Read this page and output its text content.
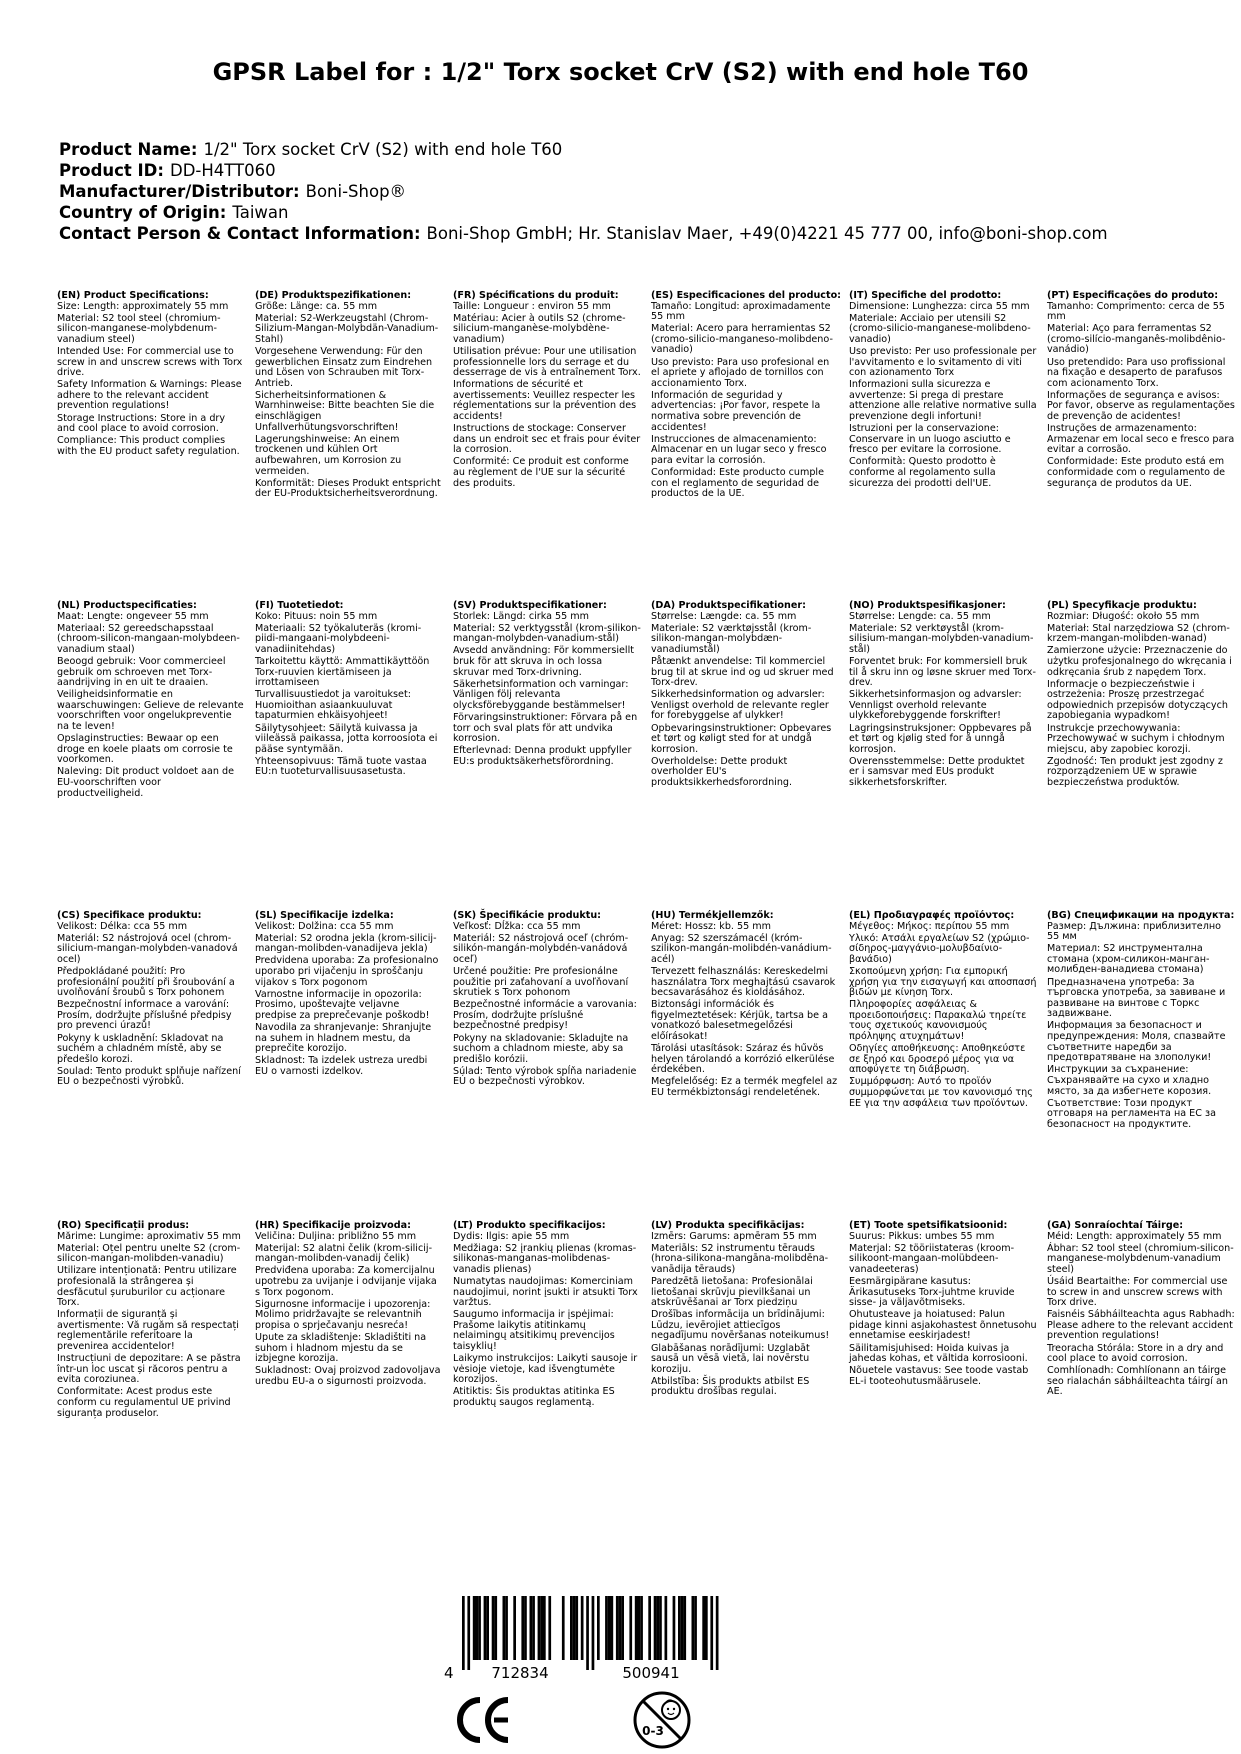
GPSR Label for : 1/2" Torx socket CrV (S2) with end hole T60
Product Name: 1/2" Torx socket CrV (S2) with end hole T60
Product ID: DD-H4TT060
Manufacturer/Distributor: Boni-Shop®
Country of Origin: Taiwan
Contact Person & Contact Information: Boni-Shop GmbH; Hr. Stanislav Maer, +49(0)4221 45 777 00, info@boni-shop.com
(EN) Product Specifications:
Size: Length: approximately 55 mm
Material: S2 tool steel (chromium-silicon-manganese-molybdenum-vanadium steel)
Intended Use: For commercial use to screw in and unscrew screws with Torx drive.
Safety Information & Warnings: Please adhere to the relevant accident prevention regulations!
Storage Instructions: Store in a dry and cool place to avoid corrosion.
Compliance: This product complies with the EU product safety regulation.
(DE) Produktspezifikationen:
Größe: Länge: ca. 55 mm
Material: S2-Werkzeugstahl (Chrom-Silizium-Mangan-Molybdän-Vanadium-Stahl)
Vorgesehene Verwendung: Für den gewerblichen Einsatz zum Eindrehen und Lösen von Schrauben mit Torx-Antrieb.
Sicherheitsinformationen & Warnhinweise: Bitte beachten Sie die einschlägigen Unfallverhütungsvorschriften!
Lagerungshinweise: An einem trockenen und kühlen Ort aufbewahren, um Korrosion zu vermeiden.
Konformität: Dieses Produkt entspricht der EU-Produktsicherheitsverordnung.
(FR) Spécifications du produit:
Taille: Longueur : environ 55 mm
Matériau: Acier à outils S2 (chrome-silicium-manganèse-molybdène-vanadium)
Utilisation prévue: Pour une utilisation professionnelle lors du serrage et du desserrage de vis à entraînement Torx.
Informations de sécurité et avertissements: Veuillez respecter les réglementations sur la prévention des accidents!
Instructions de stockage: Conserver dans un endroit sec et frais pour éviter la corrosion.
Conformité: Ce produit est conforme au règlement de l'UE sur la sécurité des produits.
(ES) Especificaciones del producto:
Tamaño: Longitud: aproximadamente 55 mm
Material: Acero para herramientas S2 (cromo-silicio-manganeso-molibdeno-vanadio)
Uso previsto: Para uso profesional en el apriete y aflojado de tornillos con accionamiento Torx.
Información de seguridad y advertencias: ¡Por favor, respete la normativa sobre prevención de accidentes!
Instrucciones de almacenamiento: Almacenar en un lugar seco y fresco para evitar la corrosión.
Conformidad: Este producto cumple con el reglamento de seguridad de productos de la UE.
(IT) Specifiche del prodotto:
Dimensione: Lunghezza: circa 55 mm
Materiale: Acciaio per utensili S2 (cromo-silicio-manganese-molibdeno-vanadio)
Uso previsto: Per uso professionale per l'avvitamento e lo svitamento di viti con azionamento Torx
Informazioni sulla sicurezza e avvertenze: Si prega di prestare attenzione alle relative normative sulla prevenzione degli infortuni!
Istruzioni per la conservazione: Conservare in un luogo asciutto e fresco per evitare la corrosione.
Conformità: Questo prodotto è conforme al regolamento sulla sicurezza dei prodotti dell'UE.
(PT) Especificações do produto:
Tamanho: Comprimento: cerca de 55 mm
Material: Aço para ferramentas S2 (cromo-silício-manganês-molibdênio-vanádio)
Uso pretendido: Para uso profissional na fixação e desaperto de parafusos com acionamento Torx.
Informações de segurança e avisos: Por favor, observe as regulamentações de prevenção de acidentes!
Instruções de armazenamento: Armazenar em local seco e fresco para evitar a corrosão.
Conformidade: Este produto está em conformidade com o regulamento de segurança de produtos da UE.
(NL) Productspecificaties:
Maat: Lengte: ongeveer 55 mm
Materiaal: S2 gereedschapsstaal (chroom-silicon-mangaan-molybdeen-vanadium staal)
Beoogd gebruik: Voor commercieel gebruik om schroeven met Torx-aandrijving in en uit te draaien.
Veiligheidsinformatie en waarschuwingen: Gelieve de relevante voorschriften voor ongelukpreventie na te leven!
Opslaginstructies: Bewaar op een droge en koele plaats om corrosie te voorkomen.
Naleving: Dit product voldoet aan de EU-voorschriften voor productveiligheid.
(FI) Tuotetiedot:
Koko: Pituus: noin 55 mm
Materiaali: S2 työkaluteräs (kromi-piidi-mangaani-molybdeeni-vanadiinitehdas)
Tarkoitettu käyttö: Ammattikäyttöön Torx-ruuvien kiertämiseen ja irrottamiseen
Turvallisuustiedot ja varoitukset: Huomioithan asiaankuuluvat tapaturmien ehkäisyohjeet!
Säilytysohjeet: Säilytä kuivassa ja viileässä paikassa, jotta korroosiota ei pääse syntymään.
Yhteensopivuus: Tämä tuote vastaa EU:n tuoteturvallisuusasetusta.
(SV) Produktspecifikationer:
Storlek: Längd: cirka 55 mm
Material: S2 verktygsstål (krom-silikon-mangan-molybden-vanadium-stål)
Avsedd användning: För kommersiellt bruk för att skruva in och lossa skruvar med Torx-drivning.
Säkerhetsinformation och varningar: Vänligen följ relevanta olycksförebyggande bestämmelser!
Förvaringsinstruktioner: Förvara på en torr och sval plats för att undvika korrosion.
Efterlevnad: Denna produkt uppfyller EU:s produktsäkerhetsförordning.
(DA) Produktspecifikationer:
Størrelse: Længde: ca. 55 mm
Materiale: S2 værktøjsstål (krom-silikon-mangan-molybdæn-vanadiumstål)
Påtænkt anvendelse: Til kommerciel brug til at skrue ind og ud skruer med Torx-drev.
Sikkerhedsinformation og advarsler: Venligst overhold de relevante regler for forebyggelse af ulykker!
Opbevaringsinstruktioner: Opbevares et tørt og køligt sted for at undgå korrosion.
Overholdelse: Dette produkt overholder EU's produktsikkerhedsforordning.
(NO) Produktspesifikasjoner:
Størrelse: Lengde: ca. 55 mm
Materiale: S2 verktøystål (krom-silisium-mangan-molybden-vanadium-stål)
Forventet bruk: For kommersiell bruk til å skru inn og løsne skruer med Torx-drev.
Sikkerhetsinformasjon og advarsler: Vennligst overhold relevante ulykkeforebyggende forskrifter!
Lagringsinstruksjoner: Oppbevares på et tørt og kjølig sted for å unngå korrosjon.
Overensstemmelse: Dette produktet er i samsvar med EUs produkt sikkerhetsforskrifter.
(PL) Specyfikacje produktu:
Rozmiar: Długość: około 55 mm
Materiał: Stal narzędziowa S2 (chrom-krzem-mangan-molibden-wanad)
Zamierzone użycie: Przeznaczenie do użytku profesjonalnego do wkręcania i odkręcania śrub z napędem Torx.
Informacje o bezpieczeństwie i ostrzeżenia: Proszę przestrzegać odpowiednich przepisów dotyczących zapobiegania wypadkom!
Instrukcje przechowywania: Przechowywać w suchym i chłodnym miejscu, aby zapobiec korozji.
Zgodność: Ten produkt jest zgodny z rozporządzeniem UE w sprawie bezpieczeństwa produktów.
(CS) Specifikace produktu:
Velikost: Délka: cca 55 mm
Materiál: S2 nástrojová ocel (chrom-silicium-mangan-molybden-vanadová ocel)
Předpokládané použití: Pro profesionální použití při šroubování a uvolňování šroubů s Torx pohonem
Bezpečnostní informace a varování: Prosím, dodržujte příslušné předpisy pro prevenci úrazů!
Pokyny k uskladnění: Skladovat na suchém a chladném místě, aby se předešlo korozi.
Soulad: Tento produkt splňuje nařízení EU o bezpečnosti výrobků.
(SL) Specifikacije izdelka:
Velikost: Dolžina: cca 55 mm
Material: S2 orodna jekla (krom-silicij-mangan-molibden-vanadijeva jekla)
Predvidena uporaba: Za profesionalno uporabo pri vijačenju in sproščanju vijakov s Torx pogonom
Varnostne informacije in opozorila: Prosimo, upoštevajte veljavne predpise za preprečevanje poškodb!
Navodila za shranjevanje: Shranjujte na suhem in hladnem mestu, da preprečite korozijo.
Skladnost: Ta izdelek ustreza uredbi EU o varnosti izdelkov.
(SK) Špecifikácie produktu:
Veľkosť: Dĺžka: cca 55 mm
Materiál: S2 nástrojová oceľ (chróm-silikón-mangán-molybdén-vanádová oceľ)
Určené použitie: Pre profesionálne použitie pri zaťahovaní a uvoľňovaní skrutiek s Torx pohonom
Bezpečnostné informácie a varovania: Prosím, dodržujte príslušné bezpečnostné predpisy!
Pokyny na skladovanie: Skladujte na suchom a chladnom mieste, aby sa predišlo korózii.
Súlad: Tento výrobok spĺňa nariadenie EÚ o bezpečnosti výrobkov.
(HU) Termékjellemzők:
Méret: Hossz: kb. 55 mm
Anyag: S2 szerszámacél (króm-szilikon-mangán-molibdén-vanádium-acél)
Tervezett felhasználás: Kereskedelmi használatra Torx meghajtású csavarok becsavarásához és kioldásához.
Biztonsági információk és figyelmeztetések: Kérjük, tartsa be a vonatkozó balesetmegelőzési előírásokat!
Tárolási utasítások: Száraz és hűvös helyen tárolandó a korrózió elkerülése érdekében.
Megfelelőség: Ez a termék megfelel az EU termékbiztonsági rendeletének.
(EL) Προδιαγραφές προϊόντος:
Μέγεθος: Μήκος: περίπου 55 mm
Υλικό: Ατσάλι εργαλείων S2 (χρώμιο-σίδηρος-μαγγάνιο-μολυβδαίνιο-βανάδιο)
Σκοπούμενη χρήση: Για εμπορική χρήση για την εισαγωγή και αποσπασή βιδών με κίνηση Torx.
Πληροφορίες ασφάλειας & προειδοποιήσεις: Παρακαλώ τηρείτε τους σχετικούς κανονισμούς πρόληψης ατυχημάτων!
Οδηγίες αποθήκευσης: Αποθηκεύστε σε ξηρό και δροσερό μέρος για να αποφύγετε τη διάβρωση.
Συμμόρφωση: Αυτό το προϊόν συμμορφώνεται με τον κανονισμό της ΕΕ για την ασφάλεια των προϊόντων.
(BG) Спецификации на продукта:
Размер: Дължина: приблизително 55 мм
Материал: S2 инструментална стомана (хром-силикон-манган-молибден-ванадиева стомана)
Предназначена употреба: За търговска употреба, за завиване и развиване на винтове с Торкс задвижване.
Информация за безопасност и предупреждения: Моля, спазвайте съответните наредби за предотвратяване на злополуки!
Инструкции за съхранение: Съхранявайте на сухо и хладно място, за да избегнете корозия.
Съответствие: Този продукт отговаря на регламента на ЕС за безопасност на продуктите.
(RO) Specificații produs:
Mărime: Lungime: aproximativ 55 mm
Material: Oțel pentru unelte S2 (crom-silicon-mangan-molibden-vanadiu)
Utilizare intenționată: Pentru utilizare profesională la strângerea și desfăcutul șuruburilor cu acționare Torx.
Informații de siguranță și avertismente: Vă rugăm să respectați reglementările referitoare la prevenirea accidentelor!
Instrucțiuni de depozitare: A se păstra într-un loc uscat și răcoros pentru a evita coroziunea.
Conformitate: Acest produs este conform cu regulamentul UE privind siguranța produselor.
(HR) Specifikacije proizvoda:
Veličina: Duljina: približno 55 mm
Materijal: S2 alatni čelik (krom-silicij-mangan-molibden-vanadij čelik)
Predviđena uporaba: Za komercijalnu upotrebu za uvijanje i odvijanje vijaka s Torx pogonom.
Sigurnosne informacije i upozorenja: Molimo pridržavajte se relevantnih propisa o sprječavanju nesreća!
Upute za skladištenje: Skladištiti na suhom i hladnom mjestu da se izbjegne korozija.
Sukladnost: Ovaj proizvod zadovoljava uredbu EU-a o sigurnosti proizvoda.
(LT) Produkto specifikacijos:
Dydis: Ilgis: apie 55 mm
Medžiaga: S2 įrankių plienas (kromas-silikonas-manganas-molibdenas-vanadis plienas)
Numatytas naudojimas: Komerciniam naudojimui, norint įsukti ir atsukti Torx varžtus.
Saugumo informacija ir įspėjimai: Prašome laikytis atitinkamų nelaimingų atsitikimų prevencijos taisyklių!
Laikymo instrukcijos: Laikyti sausoje ir vėsioje vietoje, kad išvengtumėte korozijos.
Atitiktis: Šis produktas atitinka ES produktų saugos reglamentą.
(LV) Produkta specifikācijas:
Izmērs: Garums: apmēram 55 mm
Materiāls: S2 instrumentu tērauds (hrona-silikona-mangāna-molibdēna-vanādija tērauds)
Paredzētā lietošana: Profesionālai lietošanai skrūvju pievilkšanai un atskrūvēšanai ar Torx piedziņu
Drošības informācija un brīdinājumi: Lūdzu, ievērojiet attiecīgos negadījumu novēršanas noteikumus!
Glabāšanas norādījumi: Uzglabāt sausā un vēsā vietā, lai novērstu koroziju.
Atbilstība: Šis produkts atbilst ES produktu drošības regulai.
(ET) Toote spetsifikatsioonid:
Suurus: Pikkus: umbes 55 mm
Materjal: S2 tööriistateras (kroom-silikoont-mangaan-molübdeen-vanadeeteras)
Eesmärgipärane kasutus: Ärikasutuseks Torx-juhtme kruvide sisse- ja väljavõtmiseks.
Ohutusteave ja hoiatused: Palun pidage kinni asjakohastest õnnetusohu ennetamise eeskirjadest!
Säilitamisjuhised: Hoida kuivas ja jahedas kohas, et vältida korrosiooni.
Nõuetele vastavus: See toode vastab EL-i tooteohutusmäärusele.
(GA) Sonraíochtaí Táirge:
Méid: Length: approximately 55 mm
Ábhar: S2 tool steel (chromium-silicon-manganese-molybdenum-vanadium steel)
Úsáid Beartaithe: For commercial use to screw in and unscrew screws with Torx drive.
Faisnéis Sábháilteachta agus Rabhadh: Please adhere to the relevant accident prevention regulations!
Treoracha Stórála: Store in a dry and cool place to avoid corrosion.
Comhlíonadh: Comhlíonann an táirge seo rialachán sábháilteachta táirgí an AE.
4	712834	500941
0-3
